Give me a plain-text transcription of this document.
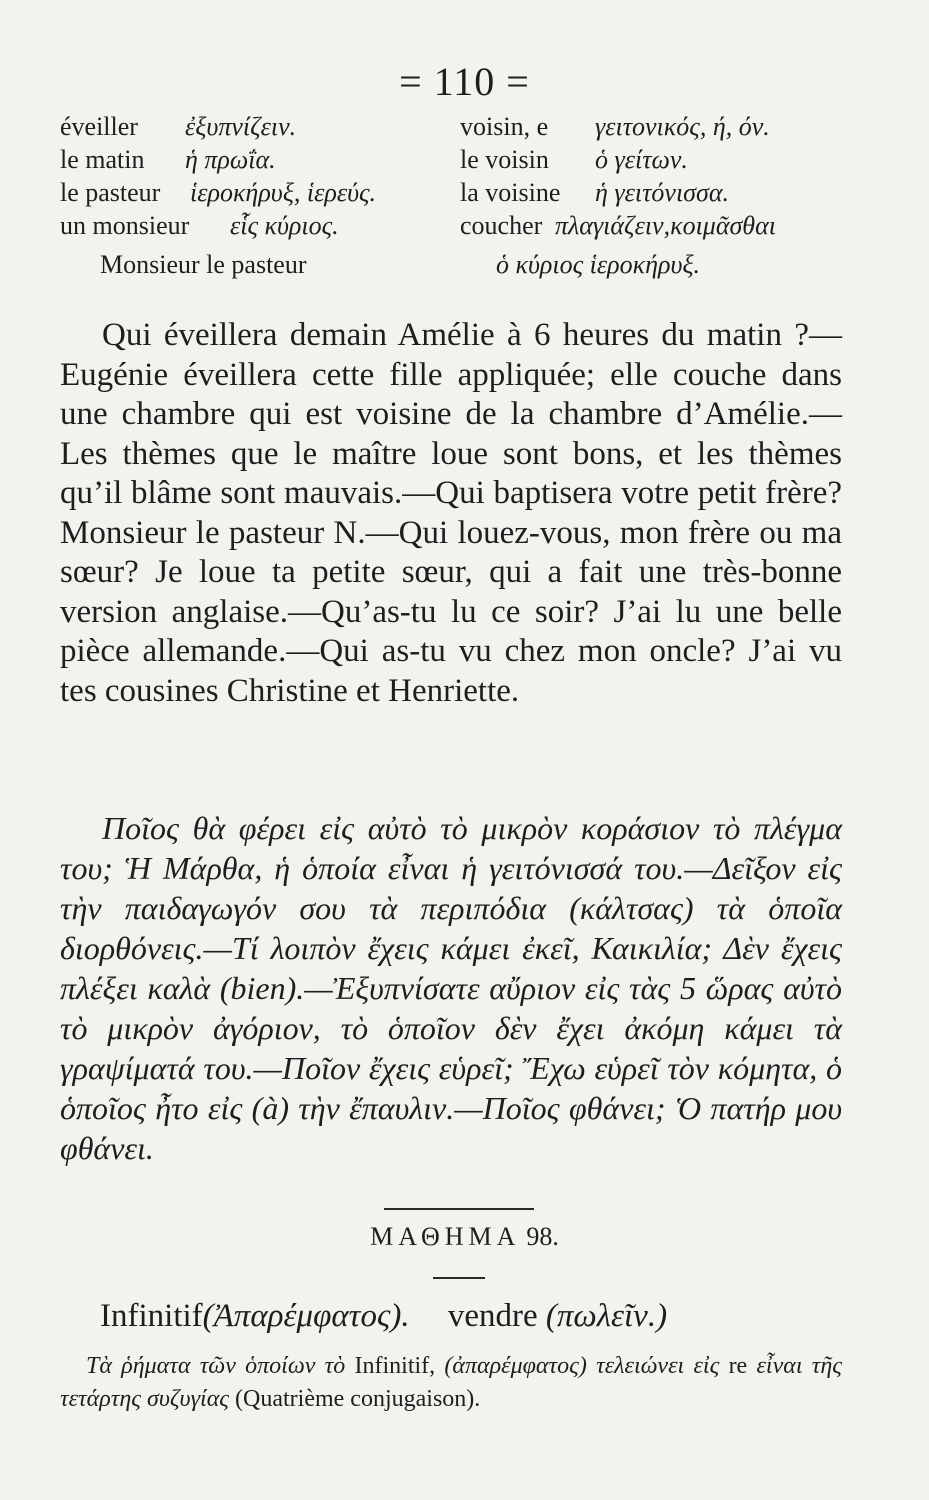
= 110 =
éveiller	ἐξυπνίζειν.	voisin, e	γειτονικός, ή, όν.
le matin	ἡ πρωΐα.	le voisin	ὁ γείτων.
le pasteur	ἱεροκήρυξ, ἱερεύς.	la voisine	ἡ γειτόνισσα.
un monsieur	εἷς κύριος.	coucher πλαγιάζειν,κοιμᾶσθαι
Monsieur le pasteur	ὁ κύριος ἱεροκήρυξ.
Qui éveillera demain Amélie à 6 heures du matin ?—Eugénie éveillera cette fille appliquée; elle couche dans une chambre qui est voisine de la chambre d’Amélie.—Les thèmes que le maître loue sont bons, et les thèmes qu’il blâme sont mauvais.—Qui baptisera votre petit frère? Monsieur le pasteur N.—Qui louez-vous, mon frère ou ma sœur? Je loue ta petite sœur, qui a fait une très-bonne version anglaise.—Qu’as-tu lu ce soir? J’ai lu une belle pièce allemande.—Qui as-tu vu chez mon oncle? J’ai vu tes cousines Christine et Henriette.
Ποῖος θὰ φέρει εἰς αὐτὸ τὸ μικρὸν κοράσιον τὸ πλέγμα του; Ἡ Μάρθα, ἡ ὁποία εἶναι ἡ γειτόνισσά του.—Δεῖξον εἰς τὴν παιδαγωγόν σου τὰ περιπόδια (κάλτσας) τὰ ὁποῖα διορθόνεις.—Τί λοιπὸν ἔχεις κάμει ἐκεῖ, Καικιλία; Δὲν ἔχεις πλέξει καλὰ (bien).—Ἐξυπνίσατε αὔριον εἰς τὰς 5 ὥρας αὐτὸ τὸ μικρὸν ἀγόριον, τὸ ὁποῖον δὲν ἔχει ἀκόμη κάμει τὰ γραψίματά του.—Ποῖον ἔχεις εὑρεῖ; Ἔχω εὑρεῖ τὸν κόμητα, ὁ ὁποῖος ἦτο εἰς (à) τὴν ἔπαυλιν.—Ποῖος φθάνει; Ὁ πατήρ μου φθάνει.
ΜΑΘΗΜΑ 98.
Infinitif(Ἀπαρέμφατος). vendre (πωλεῖν.)
Τὰ ῥήματα τῶν ὁποίων τὸ Infinitif, (ἀπαρέμφατος) τελειώνει εἰς re εἶναι τῆς τετάρτης συζυγίας (Quatrième conjugaison).
